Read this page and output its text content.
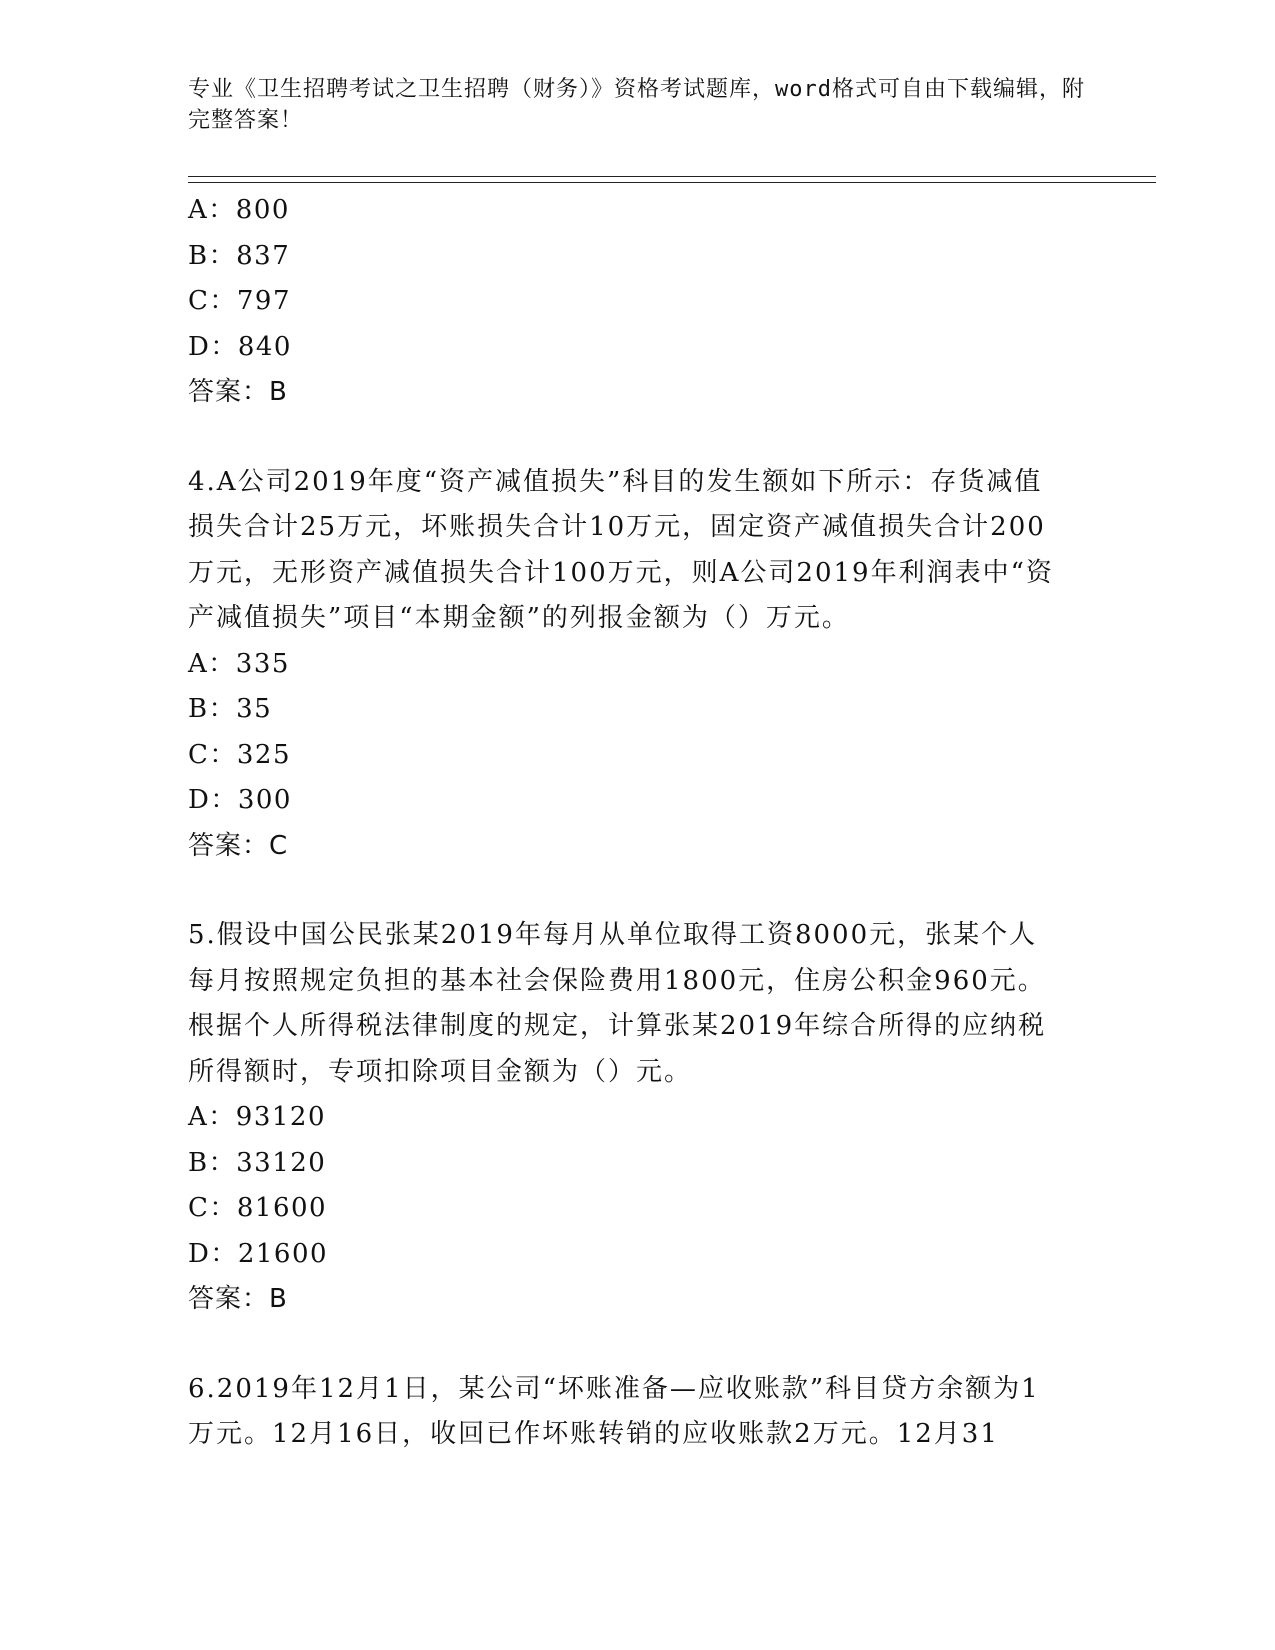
专业《卫生招聘考试之卫生招聘（财务）》资格考试题库，word格式可自由下载编辑，附完整答案！
A：800
B：837
C：797
D：840
答案：B
4.A公司2019年度“资产减值损失”科目的发生额如下所示：存货减值损失合计25万元，坏账损失合计10万元，固定资产减值损失合计200万元，无形资产减值损失合计100万元，则A公司2019年利润表中“资产减值损失”项目“本期金额”的列报金额为（）万元。
A：335
B：35
C：325
D：300
答案：C
5.假设中国公民张某2019年每月从单位取得工资8000元，张某个人每月按照规定负担的基本社会保险费用1800元，住房公积金960元。根据个人所得税法律制度的规定，计算张某2019年综合所得的应纳税所得额时，专项扣除项目金额为（）元。
A：93120
B：33120
C：81600
D：21600
答案：B
6.2019年12月1日，某公司“坏账准备—应收账款”科目贷方余额为1万元。12月16日，收回已作坏账转销的应收账款2万元。12月31
